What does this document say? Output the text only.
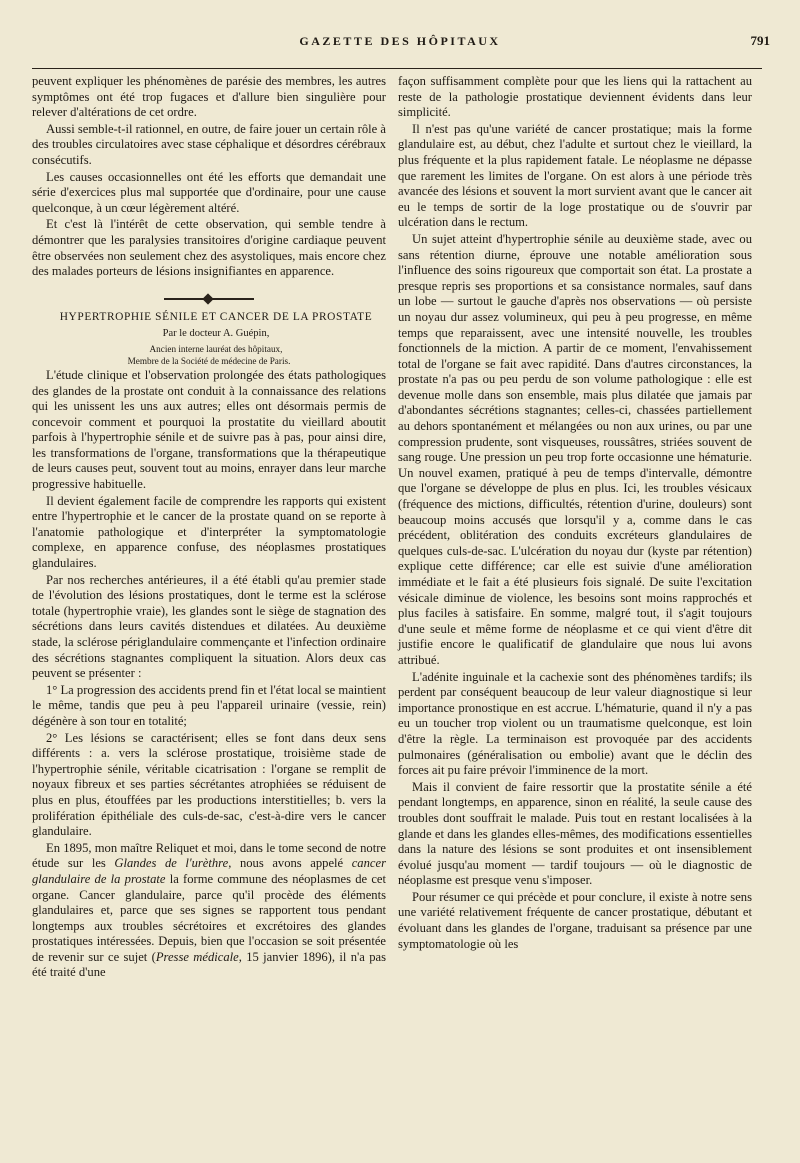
GAZETTE DES HÔPITAUX	791

peuvent expliquer les phénomènes de parésie des membres, les autres symptômes ont été trop fugaces et d'allure bien singulière pour relever d'altérations de cet ordre.

Aussi semble-t-il rationnel, en outre, de faire jouer un certain rôle à des troubles circulatoires avec stase céphalique et désordres cérébraux consécutifs.

Les causes occasionnelles ont été les efforts que demandait une série d'exercices plus mal supportée que d'ordinaire, pour une cause quelconque, à un cœur légèrement altéré.

Et c'est là l'intérêt de cette observation, qui semble tendre à démontrer que les paralysies transitoires d'origine cardiaque peuvent être observées non seulement chez des asystoliques, mais encore chez des malades porteurs de lésions insignifiantes en apparence.

HYPERTROPHIE SÉNILE ET CANCER DE LA PROSTATE

Par le docteur A. Guépin,

Ancien interne lauréat des hôpitaux,
Membre de la Société de médecine de Paris.

L'étude clinique et l'observation prolongée des états pathologiques des glandes de la prostate ont conduit à la connaissance des relations qui les unissent les uns aux autres; elles ont désormais permis de concevoir comment et pourquoi la prostatite du vieillard aboutit parfois à l'hypertrophie sénile et de suivre pas à pas, pour ainsi dire, les transformations de l'organe, transformations que la thérapeutique de leurs causes peut, souvent tout au moins, enrayer dans leur marche progressive habituelle.

Il devient également facile de comprendre les rapports qui existent entre l'hypertrophie et le cancer de la prostate quand on se reporte à l'anatomie pathologique et d'interpréter la symptomatologie complexe, en apparence confuse, des néoplasmes prostatiques glandulaires.

Par nos recherches antérieures, il a été établi qu'au premier stade de l'évolution des lésions prostatiques, dont le terme est la sclérose totale (hypertrophie vraie), les glandes sont le siège de stagnation des sécrétions dans leurs cavités distendues et dilatées. Au deuxième stade, la sclérose périglandulaire commençante et l'infection ordinaire des sécrétions stagnantes compliquent la situation. Alors deux cas peuvent se présenter :

1° La progression des accidents prend fin et l'état local se maintient le même, tandis que peu à peu l'appareil urinaire (vessie, rein) dégénère à son tour en totalité;

2° Les lésions se caractérisent; elles se font dans deux sens différents : a. vers la sclérose prostatique, troisième stade de l'hypertrophie sénile, véritable cicatrisation : l'organe se remplit de noyaux fibreux et ses parties sécrétantes atrophiées se réduisent de plus en plus, étouffées par les productions interstitielles; b. vers la prolifération épithéliale des culs-de-sac, c'est-à-dire vers le cancer glandulaire.

En 1895, mon maître Reliquet et moi, dans le tome second de notre étude sur les Glandes de l'urèthre, nous avons appelé cancer glandulaire de la prostate la forme commune des néoplasmes de cet organe. Cancer glandulaire, parce qu'il procède des éléments glandulaires et, parce que ses signes se rapportent tous pendant longtemps aux troubles sécrétoires et excrétoires des glandes prostatiques intéressées. Depuis, bien que l'occasion se soit présentée de revenir sur ce sujet (Presse médicale, 15 janvier 1896), il n'a pas été traité d'une

façon suffisamment complète pour que les liens qui la rattachent au reste de la pathologie prostatique deviennent évidents dans leur simplicité.

Il n'est pas qu'une variété de cancer prostatique; mais la forme glandulaire est, au début, chez l'adulte et surtout chez le vieillard, la plus fréquente et la plus rapidement fatale. Le néoplasme ne dépasse que rarement les limites de l'organe. On est alors à une période très avancée des lésions et souvent la mort survient avant que le cancer ait eu le temps de sortir de la loge prostatique ou de s'ouvrir par ulcération dans le rectum.

Un sujet atteint d'hypertrophie sénile au deuxième stade, avec ou sans rétention diurne, éprouve une notable amélioration sous l'influence des soins rigoureux que comportait son état. La prostate a presque repris ses proportions et sa consistance normales, sauf dans un lobe — surtout le gauche d'après nos observations — où persiste un noyau dur assez volumineux, qui peu à peu progresse, en même temps que reparaissent, avec une intensité nouvelle, les troubles fonctionnels de la miction. A partir de ce moment, l'envahissement total de l'organe se fait avec rapidité. Dans d'autres circonstances, la prostate n'a pas ou peu perdu de son volume pathologique : elle est devenue molle dans son ensemble, mais plus dilatée que jamais par d'abondantes sécrétions stagnantes; celles-ci, chassées partiellement au dehors spontanément et mélangées ou non aux urines, ou par une compression prudente, sont visqueuses, roussâtres, striées souvent de sang rouge. Une pression un peu trop forte occasionne une hématurie. Un nouvel examen, pratiqué à peu de temps d'intervalle, démontre que l'organe se développe de plus en plus. Ici, les troubles vésicaux (fréquence des mictions, difficultés, rétention d'urine, douleurs) sont beaucoup moins accusés que lorsqu'il y a, comme dans le cas précédent, oblitération des conduits excréteurs glandulaires de quelques culs-de-sac. L'ulcération du noyau dur (kyste par rétention) explique cette différence; car elle est suivie d'une amélioration immédiate et le fait a été plusieurs fois signalé. De suite l'excitation vésicale diminue de violence, les besoins sont moins rapprochés et plus faciles à satisfaire. En somme, malgré tout, il s'agit toujours d'une seule et même forme de néoplasme et ce qui vient d'être dit justifie encore le qualificatif de glandulaire que nous lui avons attribué.

L'adénite inguinale et la cachexie sont des phénomènes tardifs; ils perdent par conséquent beaucoup de leur valeur diagnostique si leur importance pronostique en est accrue. L'hématurie, quand il n'y a pas eu un toucher trop violent ou un traumatisme quelconque, est loin d'être la règle. La terminaison est provoquée par des accidents pulmonaires (généralisation ou embolie) avant que le déclin des forces ait pu faire prévoir l'imminence de la mort.

Mais il convient de faire ressortir que la prostatite sénile a été pendant longtemps, en apparence, sinon en réalité, la seule cause des troubles dont souffrait le malade. Puis tout en restant localisées à la glande et dans les glandes elles-mêmes, des modifications essentielles dans la nature des lésions se sont produites et ont insensiblement évolué jusqu'au moment — tardif toujours — où le diagnostic de néoplasme est presque venu s'imposer.

Pour résumer ce qui précède et pour conclure, il existe à notre sens une variété relativement fréquente de cancer prostatique, débutant et évoluant dans les glandes de l'organe, traduisant sa présence par une symptomatologie où les
